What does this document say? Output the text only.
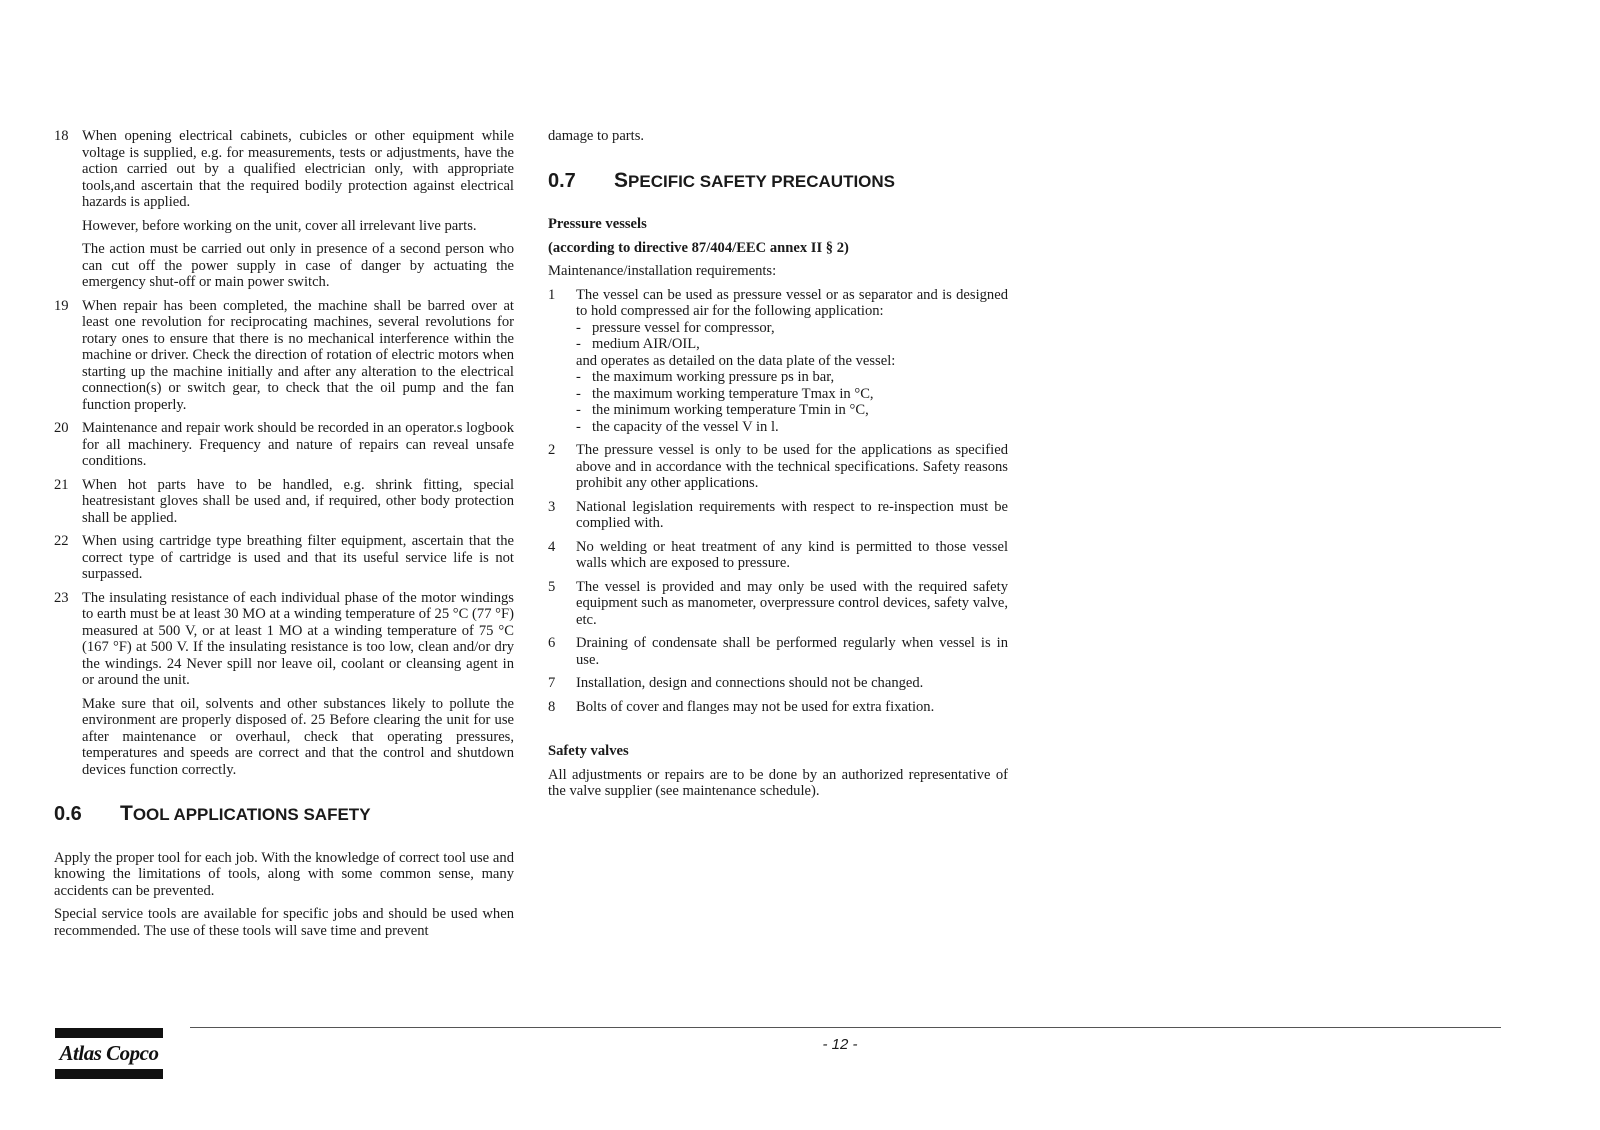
18 When opening electrical cabinets, cubicles or other equipment while voltage is supplied, e.g. for measurements, tests or adjustments, have the action carried out by a qualified electrician only, with appropriate tools,and ascertain that the required bodily protection against electrical hazards is applied.

However, before working on the unit, cover all irrelevant live parts.

The action must be carried out only in presence of a second person who can cut off the power supply in case of danger by actuating the emergency shut-off or main power switch.

19 When repair has been completed, the machine shall be barred over at least one revolution for reciprocating machines, several revolutions for rotary ones to ensure that there is no mechanical interference within the machine or driver. Check the direction of rotation of electric motors when starting up the machine initially and after any alteration to the electrical connection(s) or switch gear, to check that the oil pump and the fan function properly.

20 Maintenance and repair work should be recorded in an operator.s logbook for all machinery. Frequency and nature of repairs can reveal unsafe conditions.

21 When hot parts have to be handled, e.g. shrink fitting, special heatresistant gloves shall be used and, if required, other body protection shall be applied.

22 When using cartridge type breathing filter equipment, ascertain that the correct type of cartridge is used and that its useful service life is not surpassed.

23 The insulating resistance of each individual phase of the motor windings to earth must be at least 30 MO at a winding temperature of 25 °C (77 °F) measured at 500 V, or at least 1 MO at a winding temperature of 75 °C (167 °F) at 500 V. If the insulating resistance is too low, clean and/or dry the windings. 24 Never spill nor leave oil, coolant or cleansing agent in or around the unit.

Make sure that oil, solvents and other substances likely to pollute the environment are properly disposed of. 25 Before clearing the unit for use after maintenance or overhaul, check that operating pressures, temperatures and speeds are correct and that the control and shutdown devices function correctly.

0.6	TOOL APPLICATIONS SAFETY

Apply the proper tool for each job. With the knowledge of correct tool use and knowing the limitations of tools, along with some common sense, many accidents can be prevented.

Special service tools are available for specific jobs and should be used when recommended. The use of these tools will save time and prevent

damage to parts.

0.7	SPECIFIC SAFETY PRECAUTIONS

Pressure vessels

(according to directive 87/404/EEC annex II § 2)

Maintenance/installation requirements:

1	The vessel can be used as pressure vessel or as separator and is designed to hold compressed air for the following application:

- pressure vessel for compressor,
- medium AIR/OIL,

and operates as detailed on the data plate of the vessel:

- the maximum working pressure ps in bar,
- the maximum working temperature Tmax in °C,
- the minimum working temperature Tmin in °C,
- the capacity of the vessel V in l.
2	The pressure vessel is only to be used for the applications as specified above and in accordance with the technical specifications. Safety reasons prohibit any other applications.

3	National legislation requirements with respect to re-inspection must be complied with.

4	No welding or heat treatment of any kind is permitted to those vessel walls which are exposed to pressure.

5	The vessel is provided and may only be used with the required safety equipment such as manometer, overpressure control devices, safety valve, etc.

6	Draining of condensate shall be performed regularly when vessel is in use.

7	Installation, design and connections should not be changed.

8	Bolts of cover and flanges may not be used for extra fixation.

Safety valves

All adjustments or repairs are to be done by an authorized representative of the valve supplier (see maintenance schedule).

Atlas Copco	- 12 -
